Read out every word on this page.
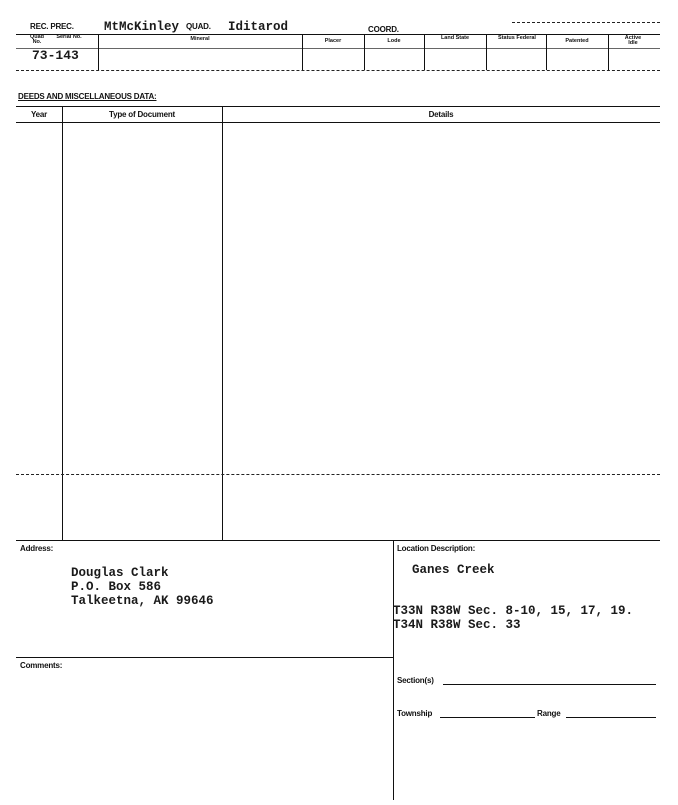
REC. PREC. MtMcKinley QUAD. Iditarod	COORD.
Quad No.
Serial No.	Mineral	Placer	Lode	Land State	Status Federal	Patented	Active Idle
73-143
DEEDS AND MISCELLANEOUS DATA:
Year	Type of Document	Details
Address:
Douglas Clark
P.O. Box 586
Talkeetna, AK 99646
Comments:
Location Description:
Ganes Creek
T33N R38W Sec. 8-10, 15, 17, 19.
T34N R38W Sec. 33
Section(s)
Township	Range
